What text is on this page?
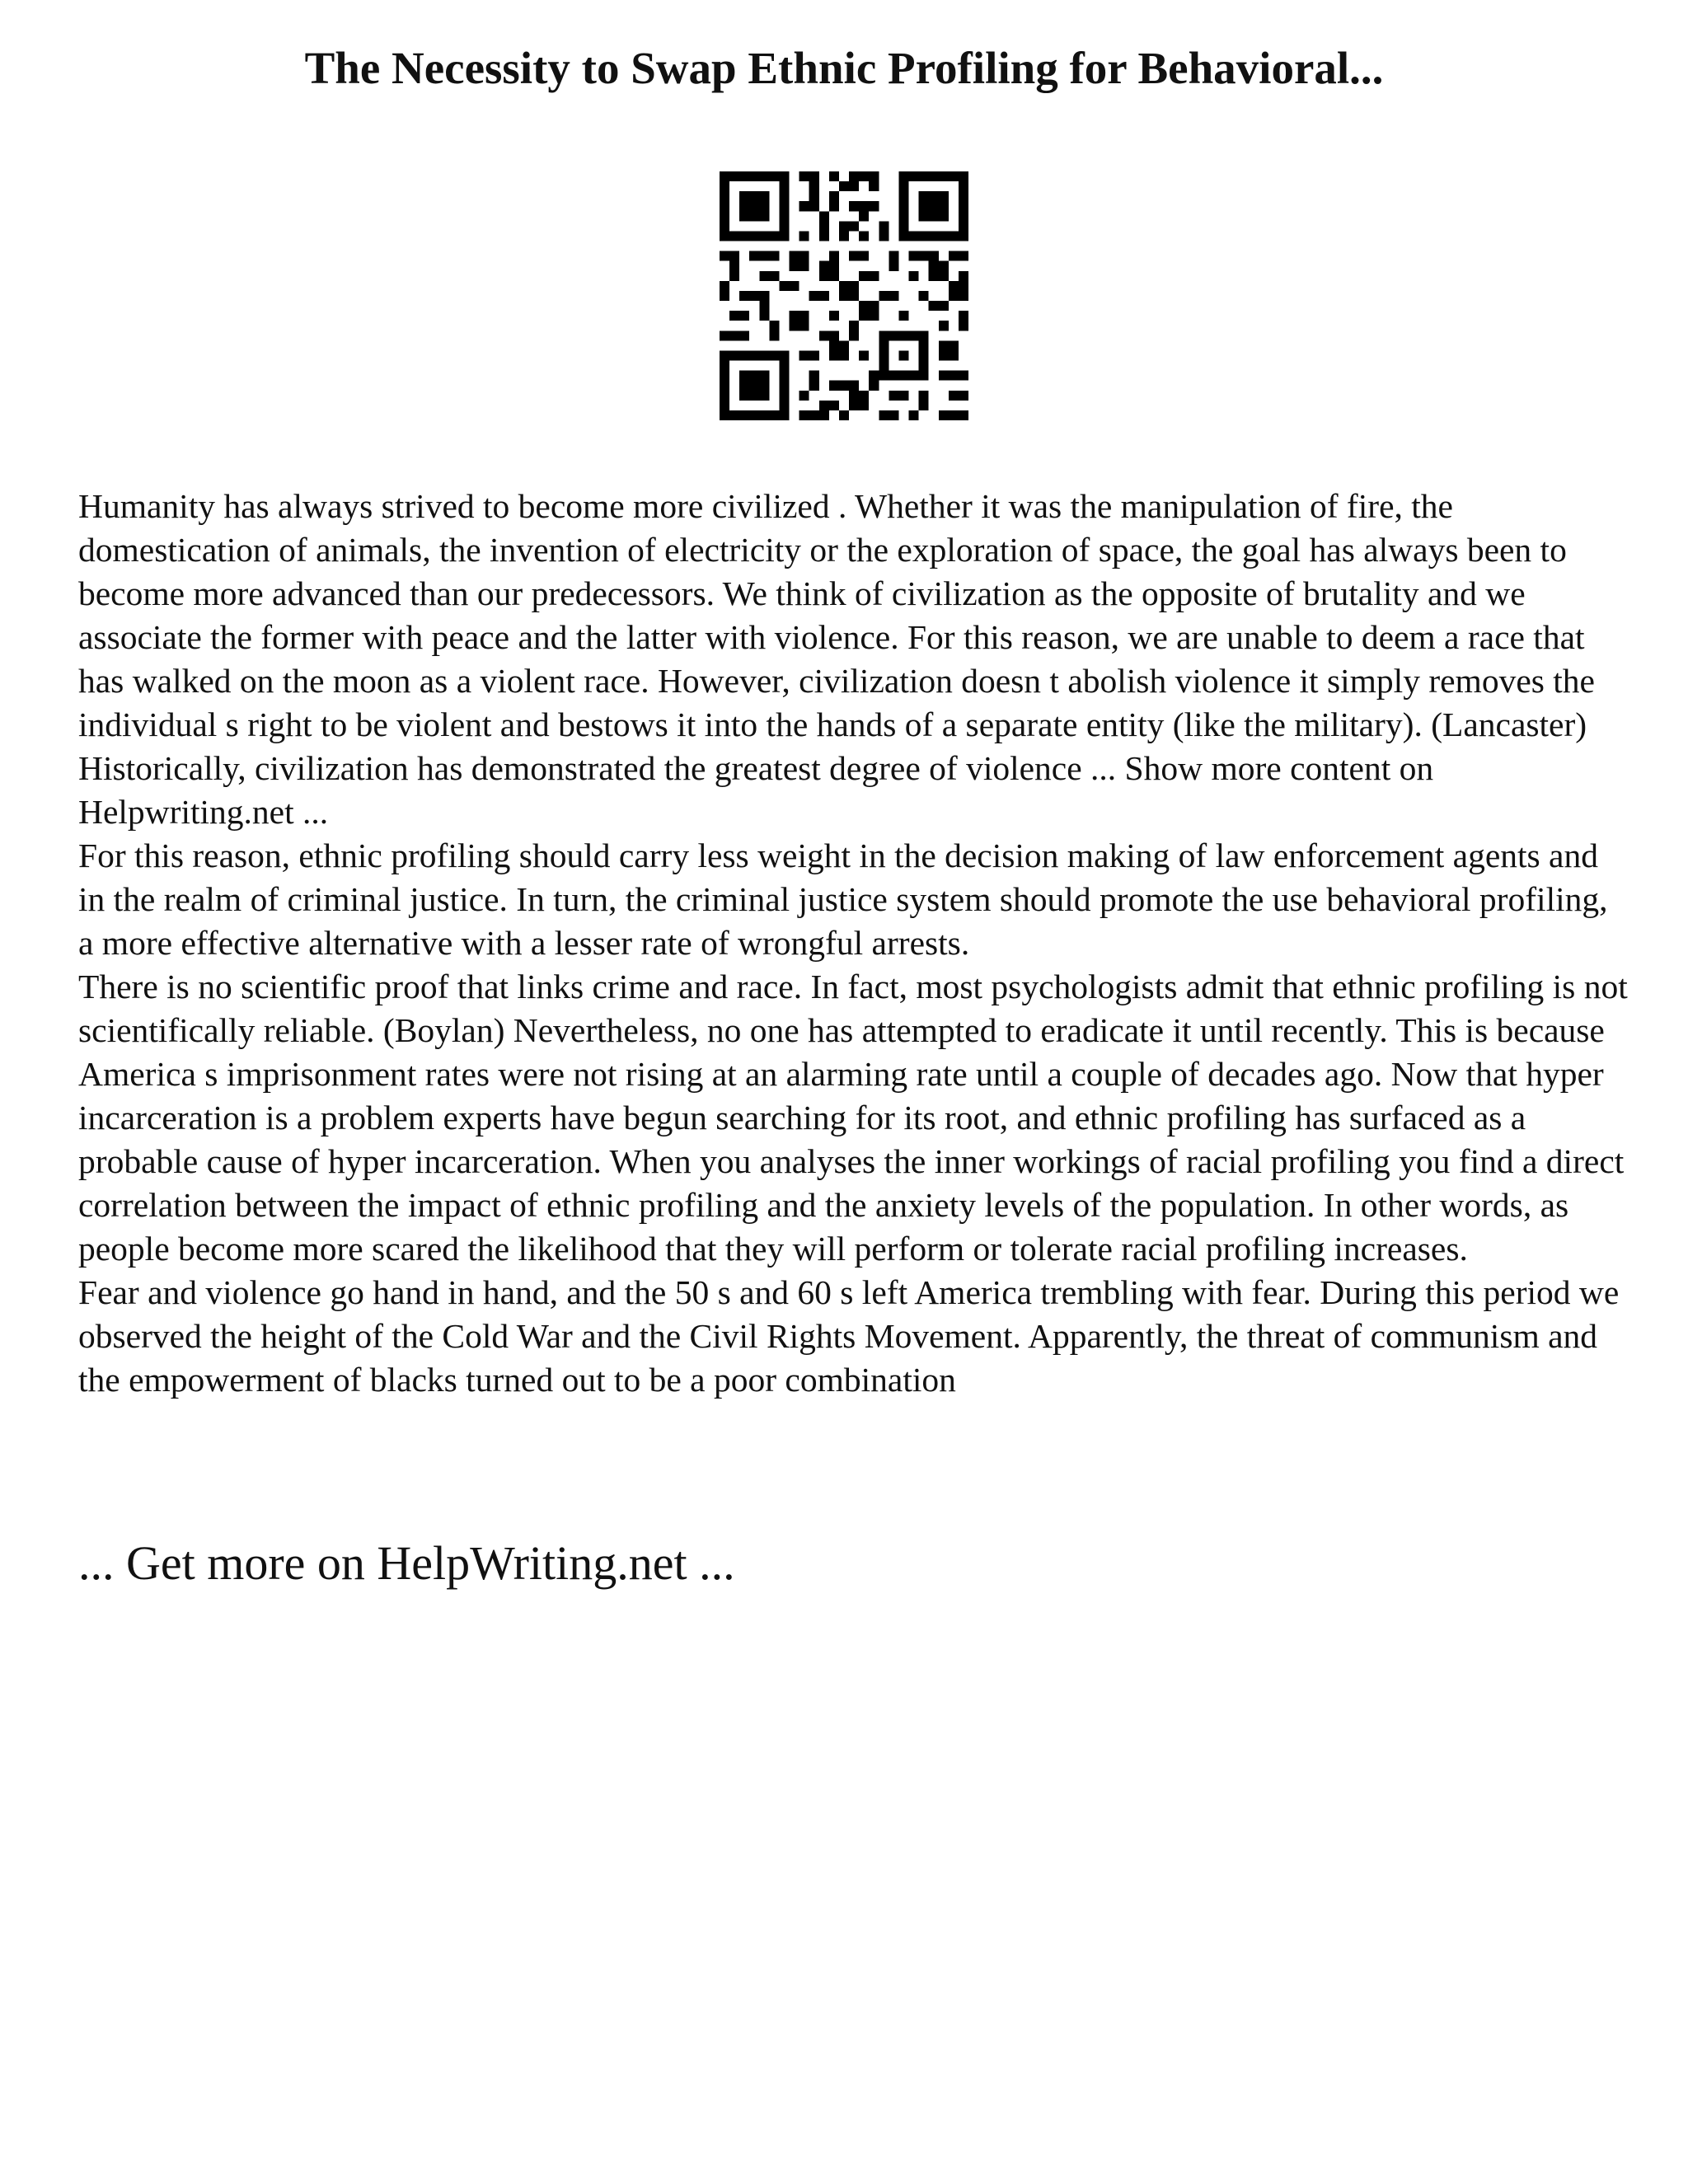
The Necessity to Swap Ethnic Profiling for Behavioral...

Humanity has always strived to become more civilized . Whether it was the manipulation of fire, the domestication of animals, the invention of electricity or the exploration of space, the goal has always been to become more advanced than our predecessors. We think of civilization as the opposite of brutality and we associate the former with peace and the latter with violence. For this reason, we are unable to deem a race that has walked on the moon as a violent race. However, civilization doesn t abolish violence it simply removes the individual s right to be violent and bestows it into the hands of a separate entity (like the military). (Lancaster)

Historically, civilization has demonstrated the greatest degree of violence ... Show more content on Helpwriting.net ...

For this reason, ethnic profiling should carry less weight in the decision making of law enforcement agents and in the realm of criminal justice. In turn, the criminal justice system should promote the use behavioral profiling, a more effective alternative with a lesser rate of wrongful arrests.

There is no scientific proof that links crime and race. In fact, most psychologists admit that ethnic profiling is not scientifically reliable. (Boylan) Nevertheless, no one has attempted to eradicate it until recently. This is because America s imprisonment rates were not rising at an alarming rate until a couple of decades ago. Now that hyper incarceration is a problem experts have begun searching for its root, and ethnic profiling has surfaced as a probable cause of hyper incarceration. When you analyses the inner workings of racial profiling you find a direct correlation between the impact of ethnic profiling and the anxiety levels of the population. In other words, as people become more scared the likelihood that they will perform or tolerate racial profiling increases.

Fear and violence go hand in hand, and the 50 s and 60 s left America trembling with fear. During this period we observed the height of the Cold War and the Civil Rights Movement. Apparently, the threat of communism and the empowerment of blacks turned out to be a poor combination

... Get more on HelpWriting.net ...
